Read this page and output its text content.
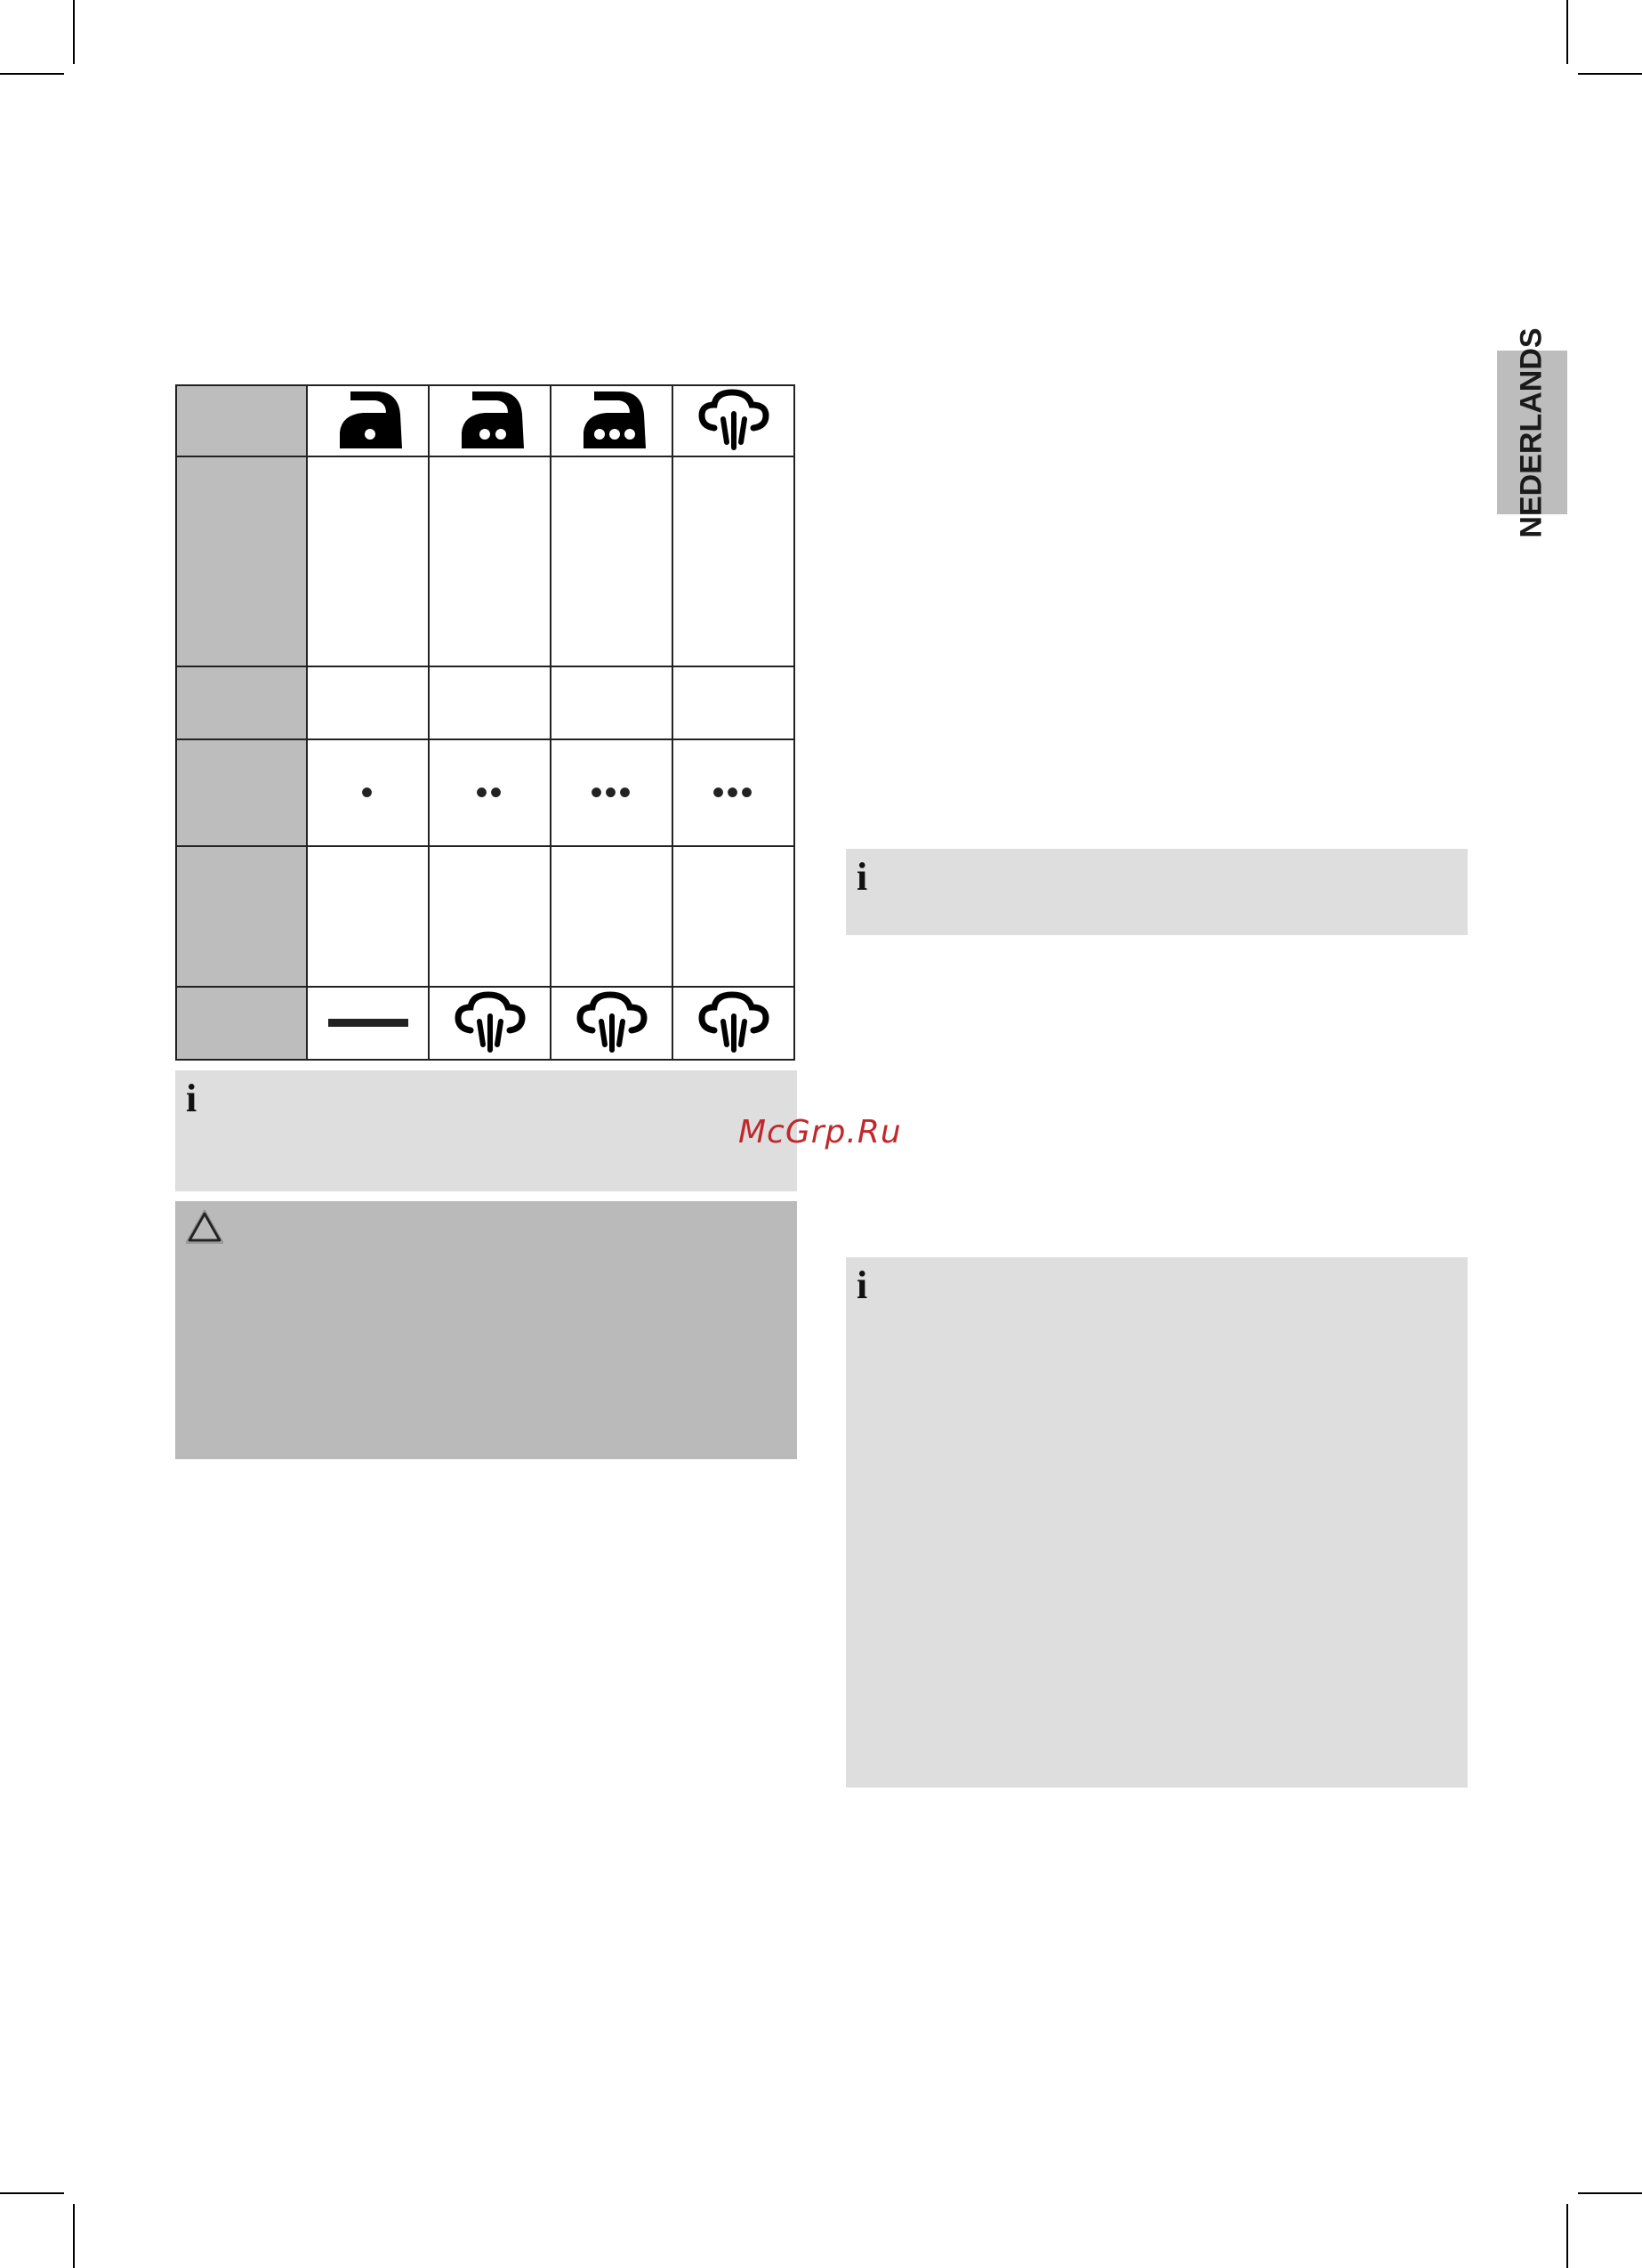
NEDERLANDS

	•	••	•••	•••

i
i
i
McGrp.Ru
